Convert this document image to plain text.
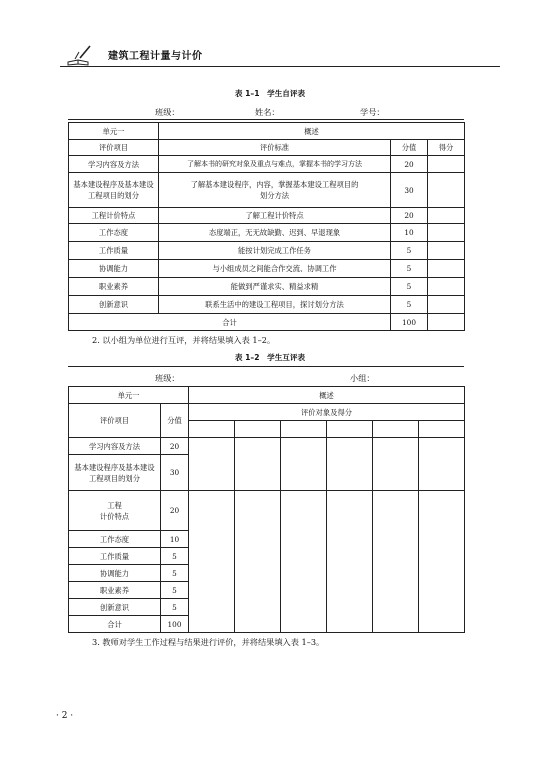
建筑工程计量与计价
表 1–1　学生自评表
班级：	姓名：	学号：
单元一	概述		
评价项目	评价标准	分值	得分
学习内容及方法	了解本书的研究对象及重点与难点，掌握本书的学习方法	20	
基本建设程序及基本建设工程项目的划分	了解基本建设程序，内容，掌握基本建设工程项目的划分方法	30	
工程计价特点	了解工程计价特点	20	
工作态度	态度端正，无无故缺勤、迟到、早退现象	10	
工作质量	能按计划完成工作任务	5	
协调能力	与小组成员之间能合作交流、协调工作	5	
职业素养	能做到严谨求实、精益求精	5	
创新意识	联系生活中的建设工程项目，探讨划分方法	5	
合计		100	
2. 以小组为单位进行互评，并将结果填入表 1–2。
表 1–2　学生互评表
班级：	小组：
单元一		概述					
评价项目	分值	评价对象及得分					

学习内容及方法	20						
基本建设程序及基本建设工程项目的划分	30						
工程
计价特点	20						
工作态度	10						
工作质量	5						
协调能力	5						
职业素养	5						
创新意识	5						
合计	100						
3. 教师对学生工作过程与结果进行评价，并将结果填入表 1–3。
· 2 ·
